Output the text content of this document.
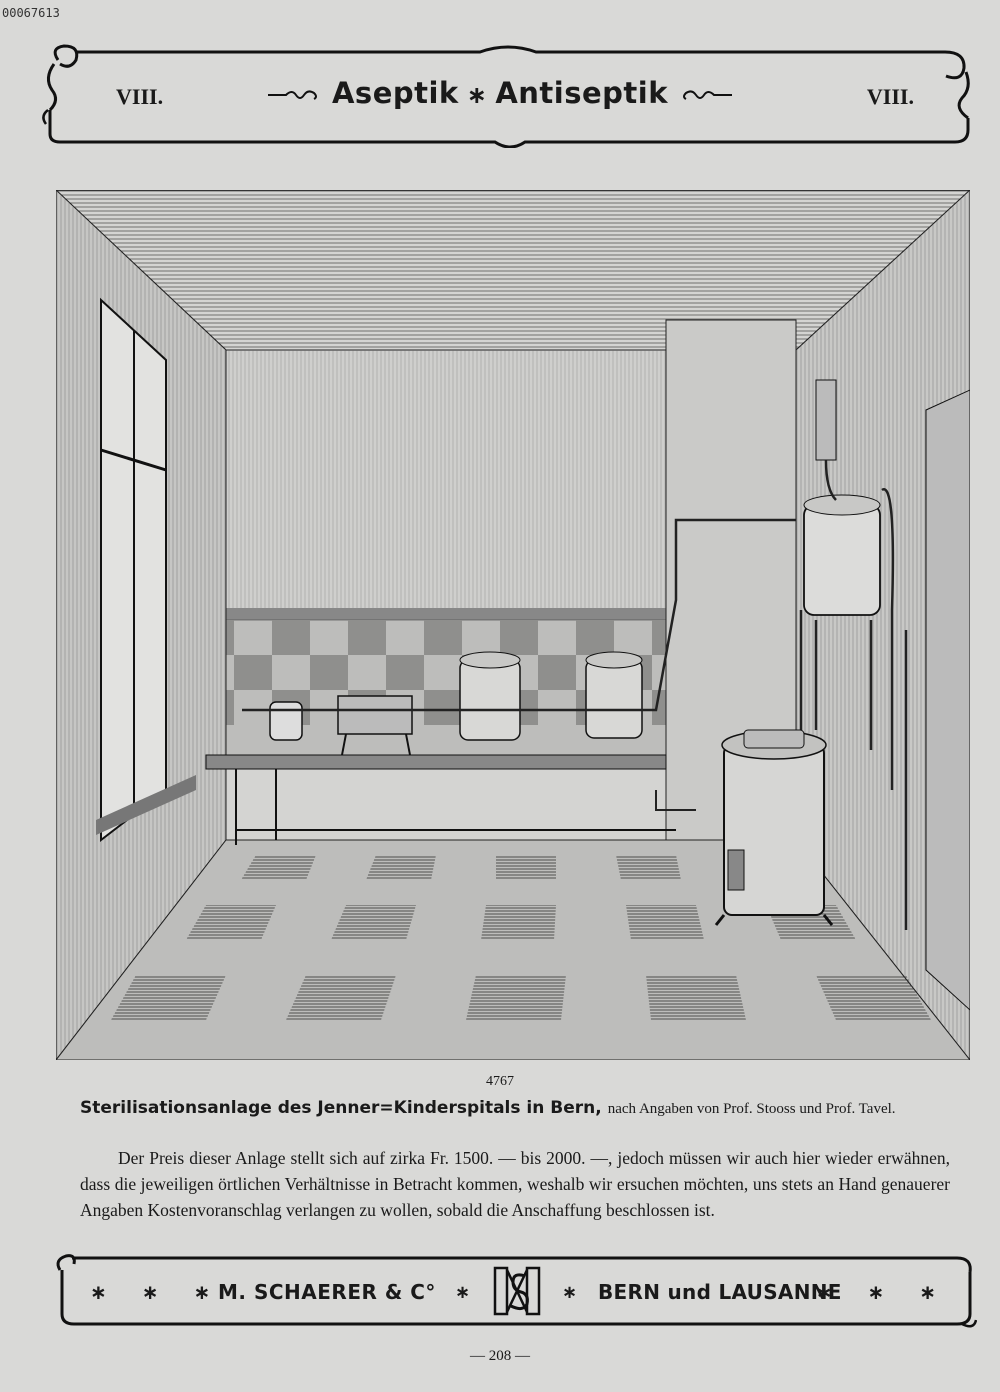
00067613
VIII.	Aseptik ∗ Antiseptik	VIII.
4767
Sterilisationsanlage des Jenner=Kinderspitals in Bern, nach Angaben von Prof. Stooss und Prof. Tavel.
Der Preis dieser Anlage stellt sich auf zirka Fr. 1500. — bis 2000. —, jedoch müssen wir auch hier wieder erwähnen, dass die jeweiligen örtlichen Verhältnisse in Betracht kommen, weshalb wir ersuchen möchten, uns stets an Hand genauerer Angaben Kostenvoranschlag verlangen zu wollen, sobald die Anschaffung beschlossen ist.
∗ ∗ ∗
M. SCHAERER & C° ∗	∗ BERN und LAUSANNE
∗ ∗ ∗
— 208 —
